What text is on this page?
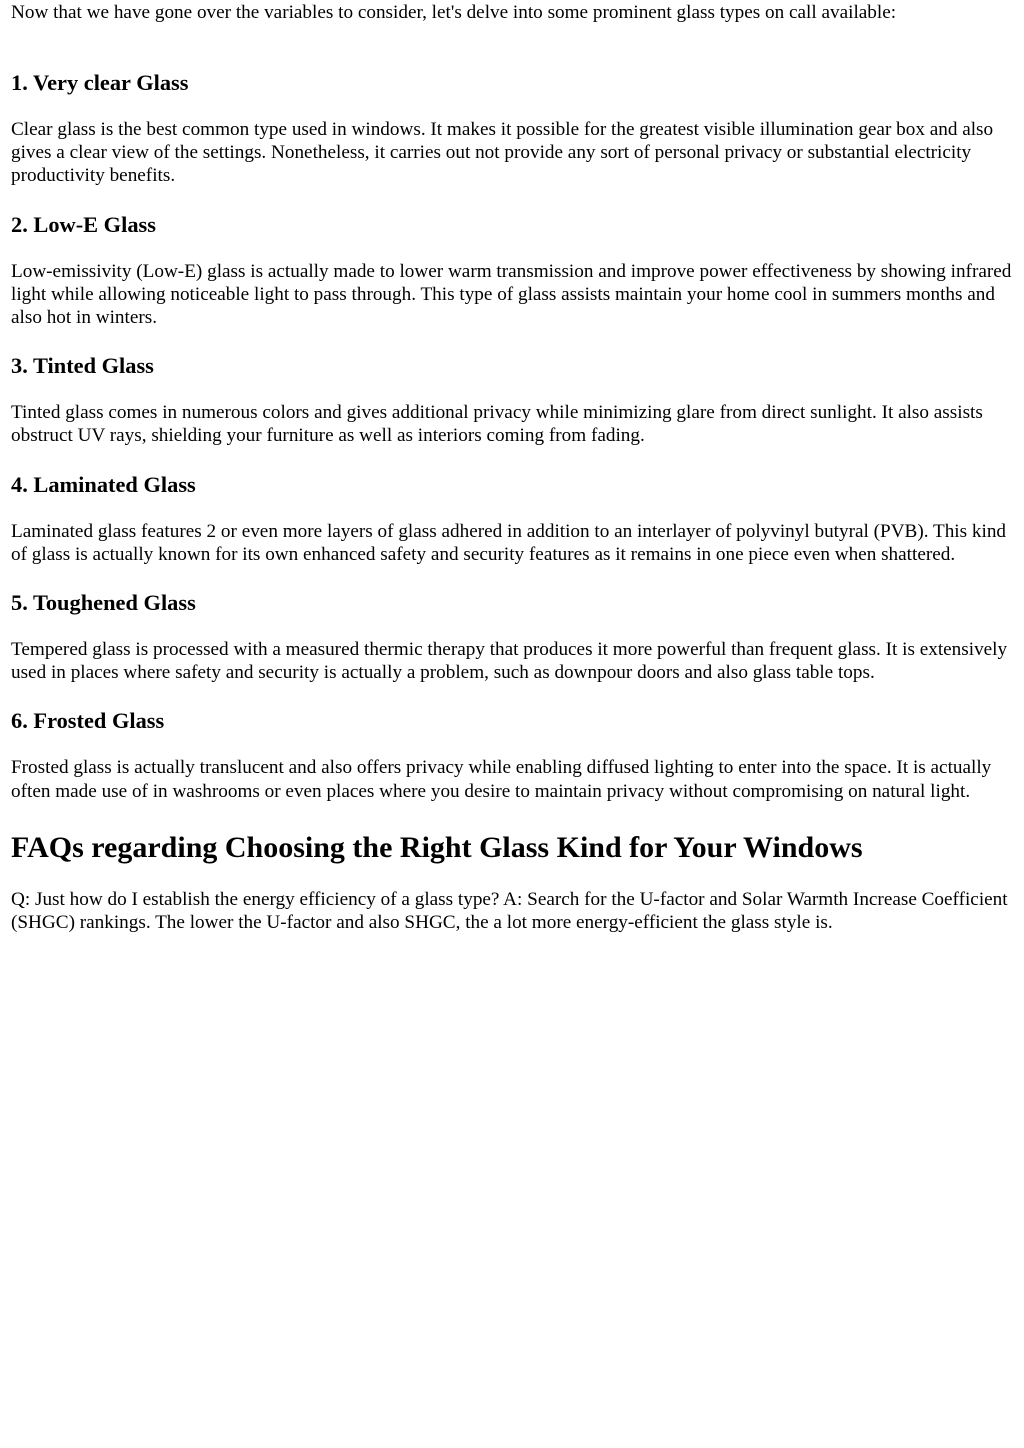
Now that we have gone over the variables to consider, let's delve into some prominent glass types on call available:

1. Very clear Glass

Clear glass is the best common type used in windows. It makes it possible for the greatest visible illumination gear box and also gives a clear view of the settings. Nonetheless, it carries out not provide any sort of personal privacy or substantial electricity productivity benefits.

2. Low-E Glass

Low-emissivity (Low-E) glass is actually made to lower warm transmission and improve power effectiveness by showing infrared light while allowing noticeable light to pass through. This type of glass assists maintain your home cool in summers months and also hot in winters.

3. Tinted Glass

Tinted glass comes in numerous colors and gives additional privacy while minimizing glare from direct sunlight. It also assists obstruct UV rays, shielding your furniture as well as interiors coming from fading.

4. Laminated Glass

Laminated glass features 2 or even more layers of glass adhered in addition to an interlayer of polyvinyl butyral (PVB). This kind of glass is actually known for its own enhanced safety and security features as it remains in one piece even when shattered.

5. Toughened Glass

Tempered glass is processed with a measured thermic therapy that produces it more powerful than frequent glass. It is extensively used in places where safety and security is actually a problem, such as downpour doors and also glass table tops.

6. Frosted Glass

Frosted glass is actually translucent and also offers privacy while enabling diffused lighting to enter into the space. It is actually often made use of in washrooms or even places where you desire to maintain privacy without compromising on natural light.

FAQs regarding Choosing the Right Glass Kind for Your Windows

Q: Just how do I establish the energy efficiency of a glass type? A: Search for the U-factor and Solar Warmth Increase Coefficient (SHGC) rankings. The lower the U-factor and also SHGC, the a lot more energy-efficient the glass style is.
